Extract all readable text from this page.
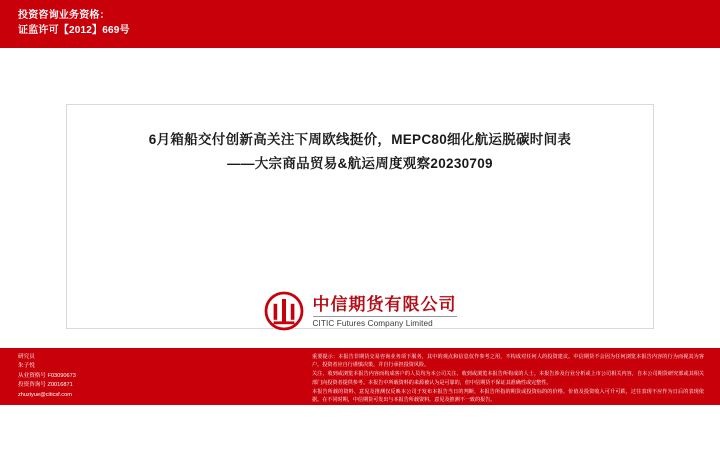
投资咨询业务资格：
证监许可【2012】669号
6月箱船交付创新高关注下周欧线挺价，MEPC80细化航运脱碳时间表
——大宗商品贸易&航运周度观察20230709
中信期货有限公司
CITIC Futures Company Limited
研究员
朱子悦
从业资格号 F03090673
投资咨询号 Z0016871
zhuziyue@citicsf.com

重要提示：本报告非期货交易咨询业务项下服务，其中的观点和信息仅作参考之用，不构成对任何人的投资建议。中信期货不会因为任何浏览本报告内容的行为而视其为客户。投资者应自行谨慎决策，并自行承担投资风险。

关注、收到或浏览本报告内容而构成客户的人员均为本公司关注、收到或浏览本报告所构成的人士。本报告涉及行业分析或上市公司相关内容，自本公司期货研究部或其相关部门向投资者提供参考。本报告中所载资料的来源被认为是可靠的，但中信期货不保证其准确性或完整性。

本报告所载的资料、意见及推测仅反映本公司于发布本报告当日的判断，本报告所指的期货或投资标的的价格、价值及投资收入可升可跌，过往表现不应作为日后的表现依据。在不同时期，中信期货可发出与本报告所载资料、意见及推测不一致的报告。

中信期货不保证本报告所含信息保持在最新状态。中信期货对本报告所含信息可在不发出通知的情形下做出修改，投资者应当自行关注相应的更新或修改。本报告中的内容和意见仅供参考，并不构成对所述证券买卖的出价或征价。

本公司及其关联机构不对任何人因使用本报告中的任何内容所引致的任何损失负任何责任。除非法律法规有明确规定，在任何情况下，中信期货不对任何人因使用本报告中的任何内容所引致的任何损失负任何责任。

本报告版权仅为本公司所有。未经事先书面许可，任何机构和个人不得以任何形式翻版、复制和发布，如引用、刊发，需注明出处为中信期货，且不得对本报告进行有悖原意的引用、删节和修改。
